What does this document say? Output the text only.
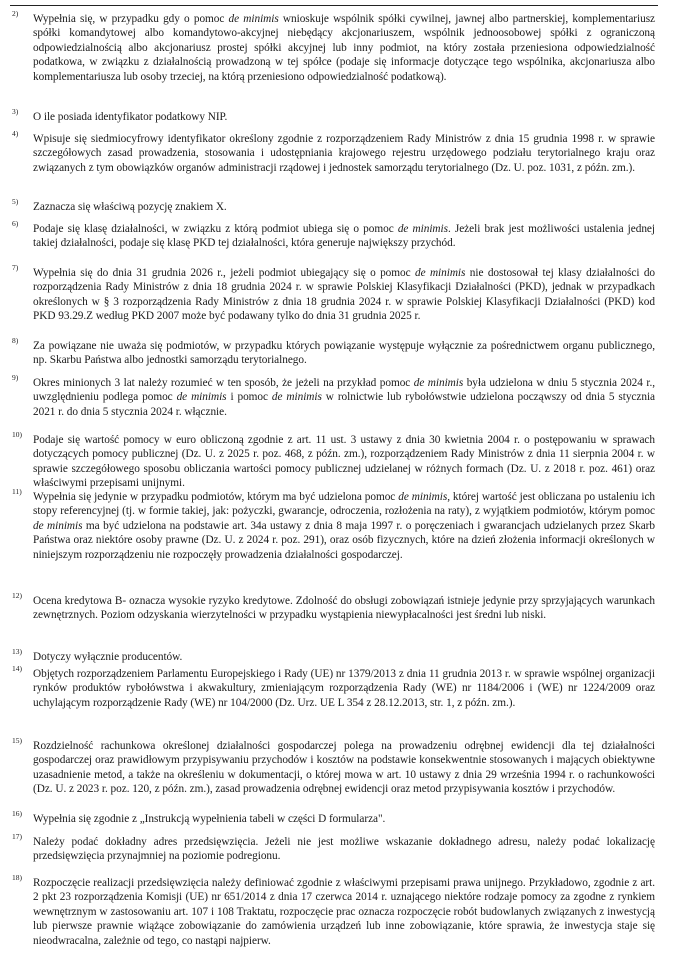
2) Wypełnia się, w przypadku gdy o pomoc de minimis wnioskuje wspólnik spółki cywilnej, jawnej albo partnerskiej, komplementariusz spółki komandytowej albo komandytowo-akcyjnej niebędący akcjonariuszem, wspólnik jednoosobowej spółki z ograniczoną odpowiedzialnością albo akcjonariusz prostej spółki akcyjnej lub inny podmiot, na który została przeniesiona odpowiedzialność podatkowa, w związku z działalnością prowadzoną w tej spółce (podaje się informacje dotyczące tego wspólnika, akcjonariusza albo komplementariusza lub osoby trzeciej, na którą przeniesiono odpowiedzialność podatkową).

3) O ile posiada identyfikator podatkowy NIP.

4) Wpisuje się siedmiocyfrowy identyfikator określony zgodnie z rozporządzeniem Rady Ministrów z dnia 15 grudnia 1998 r. w sprawie szczegółowych zasad prowadzenia, stosowania i udostępniania krajowego rejestru urzędowego podziału terytorialnego kraju oraz związanych z tym obowiązków organów administracji rządowej i jednostek samorządu terytorialnego (Dz. U. poz. 1031, z późn. zm.).

5) Zaznacza się właściwą pozycję znakiem X.

6) Podaje się klasę działalności, w związku z którą podmiot ubiega się o pomoc de minimis. Jeżeli brak jest możliwości ustalenia jednej takiej działalności, podaje się klasę PKD tej działalności, która generuje największy przychód.

7) Wypełnia się do dnia 31 grudnia 2026 r., jeżeli podmiot ubiegający się o pomoc de minimis nie dostosował tej klasy działalności do rozporządzenia Rady Ministrów z dnia 18 grudnia 2024 r. w sprawie Polskiej Klasyfikacji Działalności (PKD), jednak w przypadkach określonych w § 3 rozporządzenia Rady Ministrów z dnia 18 grudnia 2024 r. w sprawie Polskiej Klasyfikacji Działalności (PKD) kod PKD 93.29.Z według PKD 2007 może być podawany tylko do dnia 31 grudnia 2025 r.

8) Za powiązane nie uważa się podmiotów, w przypadku których powiązanie występuje wyłącznie za pośrednictwem organu publicznego, np. Skarbu Państwa albo jednostki samorządu terytorialnego.

9) Okres minionych 3 lat należy rozumieć w ten sposób, że jeżeli na przykład pomoc de minimis była udzielona w dniu 5 stycznia 2024 r., uwzględnieniu podlega pomoc de minimis i pomoc de minimis w rolnictwie lub rybołówstwie udzielona począwszy od dnia 5 stycznia 2021 r. do dnia 5 stycznia 2024 r. włącznie.

10) Podaje się wartość pomocy w euro obliczoną zgodnie z art. 11 ust. 3 ustawy z dnia 30 kwietnia 2004 r. o postępowaniu w sprawach dotyczących pomocy publicznej (Dz. U. z 2025 r. poz. 468, z późn. zm.), rozporządzeniem Rady Ministrów z dnia 11 sierpnia 2004 r. w sprawie szczegółowego sposobu obliczania wartości pomocy publicznej udzielanej w różnych formach (Dz. U. z 2018 r. poz. 461) oraz właściwymi przepisami unijnymi.

11) Wypełnia się jedynie w przypadku podmiotów, którym ma być udzielona pomoc de minimis, której wartość jest obliczana po ustaleniu ich stopy referencyjnej (tj. w formie takiej, jak: pożyczki, gwarancje, odroczenia, rozłożenia na raty), z wyjątkiem podmiotów, którym pomoc de minimis ma być udzielona na podstawie art. 34a ustawy z dnia 8 maja 1997 r. o poręczeniach i gwarancjach udzielanych przez Skarb Państwa oraz niektóre osoby prawne (Dz. U. z 2024 r. poz. 291), oraz osób fizycznych, które na dzień złożenia informacji określonych w niniejszym rozporządzeniu nie rozpoczęły prowadzenia działalności gospodarczej.

12) Ocena kredytowa B- oznacza wysokie ryzyko kredytowe. Zdolność do obsługi zobowiązań istnieje jedynie przy sprzyjających warunkach zewnętrznych. Poziom odzyskania wierzytelności w przypadku wystąpienia niewypłacalności jest średni lub niski.

13) Dotyczy wyłącznie producentów.

14) Objętych rozporządzeniem Parlamentu Europejskiego i Rady (UE) nr 1379/2013 z dnia 11 grudnia 2013 r. w sprawie wspólnej organizacji rynków produktów rybołówstwa i akwakultury, zmieniającym rozporządzenia Rady (WE) nr 1184/2006 i (WE) nr 1224/2009 oraz uchylającym rozporządzenie Rady (WE) nr 104/2000 (Dz. Urz. UE L 354 z 28.12.2013, str. 1, z późn. zm.).

15) Rozdzielność rachunkowa określonej działalności gospodarczej polega na prowadzeniu odrębnej ewidencji dla tej działalności gospodarczej oraz prawidłowym przypisywaniu przychodów i kosztów na podstawie konsekwentnie stosowanych i mających obiektywne uzasadnienie metod, a także na określeniu w dokumentacji, o której mowa w art. 10 ustawy z dnia 29 września 1994 r. o rachunkowości (Dz. U. z 2023 r. poz. 120, z późn. zm.), zasad prowadzenia odrębnej ewidencji oraz metod przypisywania kosztów i przychodów.

16) Wypełnia się zgodnie z „Instrukcją wypełnienia tabeli w części D formularza".

17) Należy podać dokładny adres przedsięwzięcia. Jeżeli nie jest możliwe wskazanie dokładnego adresu, należy podać lokalizację przedsięwzięcia przynajmniej na poziomie podregionu.

18) Rozpoczęcie realizacji przedsięwzięcia należy definiować zgodnie z właściwymi przepisami prawa unijnego. Przykładowo, zgodnie z art. 2 pkt 23 rozporządzenia Komisji (UE) nr 651/2014 z dnia 17 czerwca 2014 r. uznającego niektóre rodzaje pomocy za zgodne z rynkiem wewnętrznym w zastosowaniu art. 107 i 108 Traktatu, rozpoczęcie prac oznacza rozpoczęcie robót budowlanych związanych z inwestycją lub pierwsze prawnie wiążące zobowiązanie do zamówienia urządzeń lub inne zobowiązanie, które sprawia, że inwestycja staje się nieodwracalna, zależnie od tego, co nastąpi najpierw.
